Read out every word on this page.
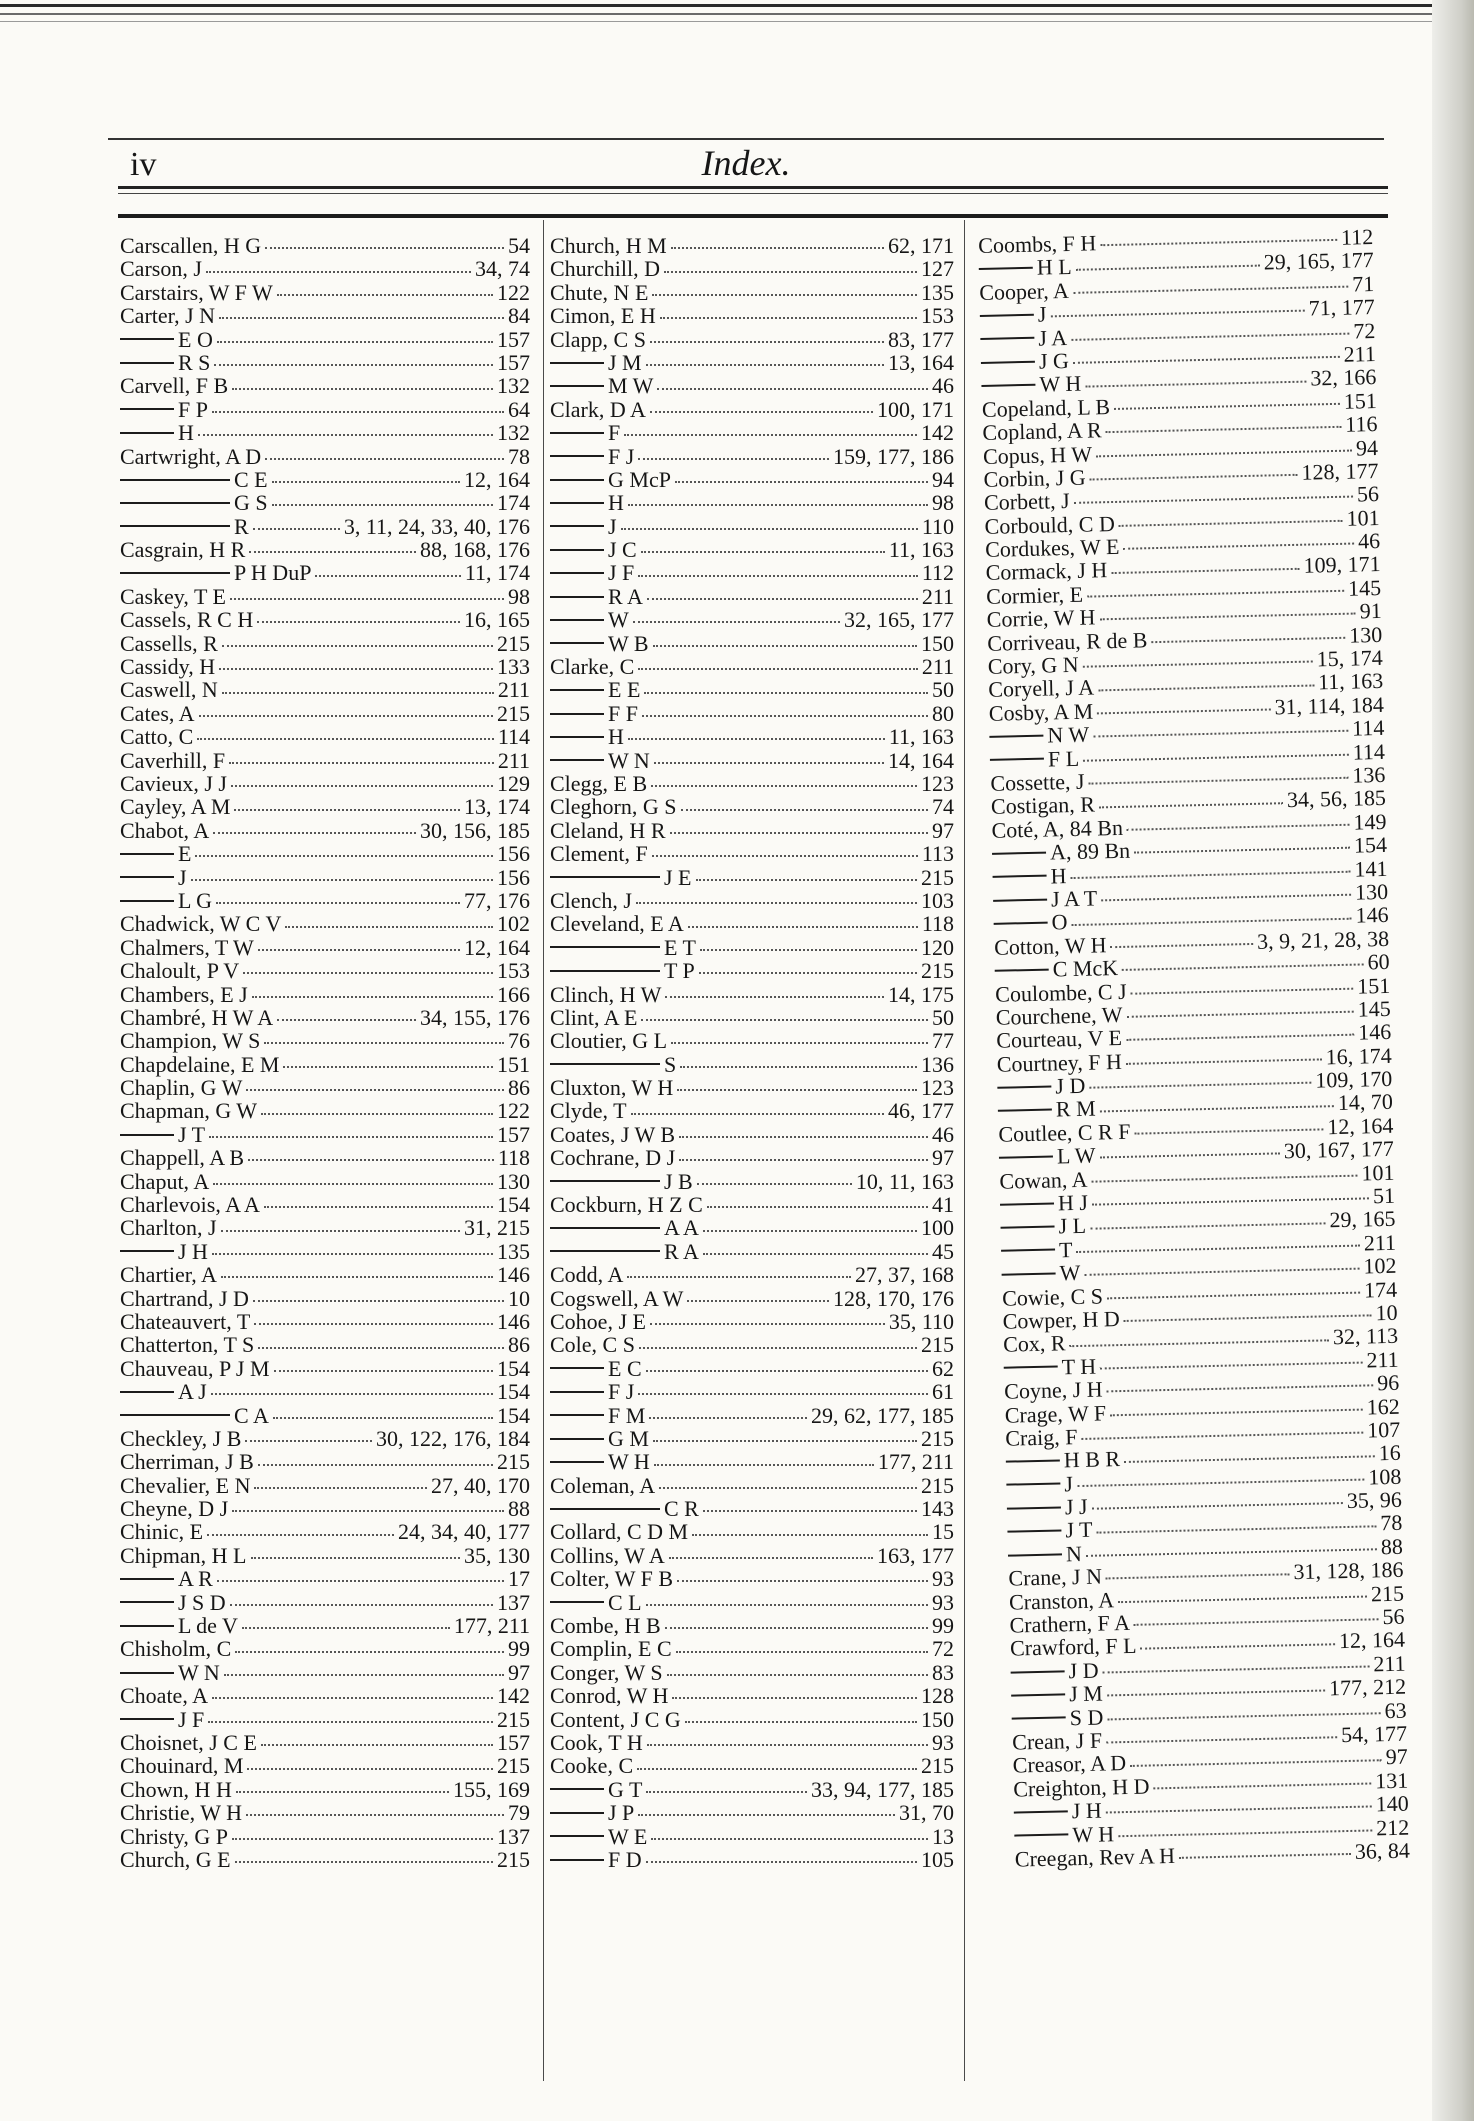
iv	Index.
Carscallen, H G	54
Carson, J	34, 74
Carstairs, W F W	122
Carter, J N	84
E O	157
R S	157
Carvell, F B	132
F P	64
H	132
Cartwright, A D	78
C E	12, 164
G S	174
R	3, 11, 24, 33, 40, 176
Casgrain, H R	88, 168, 176
P H DuP	11, 174
Caskey, T E	98
Cassels, R C H	16, 165
Cassells, R	215
Cassidy, H	133
Caswell, N	211
Cates, A	215
Catto, C	114
Caverhill, F	211
Cavieux, J J	129
Cayley, A M	13, 174
Chabot, A	30, 156, 185
E	156
J	156
L G	77, 176
Chadwick, W C V	102
Chalmers, T W	12, 164
Chaloult, P V	153
Chambers, E J	166
Chambré, H W A	34, 155, 176
Champion, W S	76
Chapdelaine, E M	151
Chaplin, G W	86
Chapman, G W	122
J T	157
Chappell, A B	118
Chaput, A	130
Charlevois, A A	154
Charlton, J	31, 215
J H	135
Chartier, A	146
Chartrand, J D	10
Chateauvert, T	146
Chatterton, T S	86
Chauveau, P J M	154
A J	154
C A	154
Checkley, J B	30, 122, 176, 184
Cherriman, J B	215
Chevalier, E N	27, 40, 170
Cheyne, D J	88
Chinic, E	24, 34, 40, 177
Chipman, H L	35, 130
A R	17
J S D	137
L de V	177, 211
Chisholm, C	99
W N	97
Choate, A	142
J F	215
Choisnet, J C E	157
Chouinard, M	215
Chown, H H	155, 169
Christie, W H	79
Christy, G P	137
Church, G E	215
Church, H M	62, 171
Churchill, D	127
Chute, N E	135
Cimon, E H	153
Clapp, C S	83, 177
J M	13, 164
M W	46
Clark, D A	100, 171
F	142
F J	159, 177, 186
G McP	94
H	98
J	110
J C	11, 163
J F	112
R A	211
W	32, 165, 177
W B	150
Clarke, C	211
E E	50
F F	80
H	11, 163
W N	14, 164
Clegg, E B	123
Cleghorn, G S	74
Cleland, H R	97
Clement, F	113
J E	215
Clench, J	103
Cleveland, E A	118
E T	120
T P	215
Clinch, H W	14, 175
Clint, A E	50
Cloutier, G L	77
S	136
Cluxton, W H	123
Clyde, T	46, 177
Coates, J W B	46
Cochrane, D J	97
J B	10, 11, 163
Cockburn, H Z C	41
A A	100
R A	45
Codd, A	27, 37, 168
Cogswell, A W	128, 170, 176
Cohoe, J E	35, 110
Cole, C S	215
E C	62
F J	61
F M	29, 62, 177, 185
G M	215
W H	177, 211
Coleman, A	215
C R	143
Collard, C D M	15
Collins, W A	163, 177
Colter, W F B	93
C L	93
Combe, H B	99
Complin, E C	72
Conger, W S	83
Conrod, W H	128
Content, J C G	150
Cook, T H	93
Cooke, C	215
G T	33, 94, 177, 185
J P	31, 70
W E	13
F D	105
Coombs, F H	112
H L	29, 165, 177
Cooper, A	71
J	71, 177
J A	72
J G	211
W H	32, 166
Copeland, L B	151
Copland, A R	116
Copus, H W	94
Corbin, J G	128, 177
Corbett, J	56
Corbould, C D	101
Cordukes, W E	46
Cormack, J H	109, 171
Cormier, E	145
Corrie, W H	91
Corriveau, R de B	130
Cory, G N	15, 174
Coryell, J A	11, 163
Cosby, A M	31, 114, 184
N W	114
F L	114
Cossette, J	136
Costigan, R	34, 56, 185
Coté, A, 84 Bn	149
A, 89 Bn	154
H	141
J A T	130
O	146
Cotton, W H	3, 9, 21, 28, 38
C McK	60
Coulombe, C J	151
Courchene, W	145
Courteau, V E	146
Courtney, F H	16, 174
J D	109, 170
R M	14, 70
Coutlee, C R F	12, 164
L W	30, 167, 177
Cowan, A	101
H J	51
J L	29, 165
T	211
W	102
Cowie, C S	174
Cowper, H D	10
Cox, R	32, 113
T H	211
Coyne, J H	96
Crage, W F	162
Craig, F	107
H B R	16
J	108
J J	35, 96
J T	78
N	88
Crane, J N	31, 128, 186
Cranston, A	215
Crathern, F A	56
Crawford, F L	12, 164
J D	211
J M	177, 212
S D	63
Crean, J F	54, 177
Creasor, A D	97
Creighton, H D	131
J H	140
W H	212
Creegan, Rev A H	36, 84
